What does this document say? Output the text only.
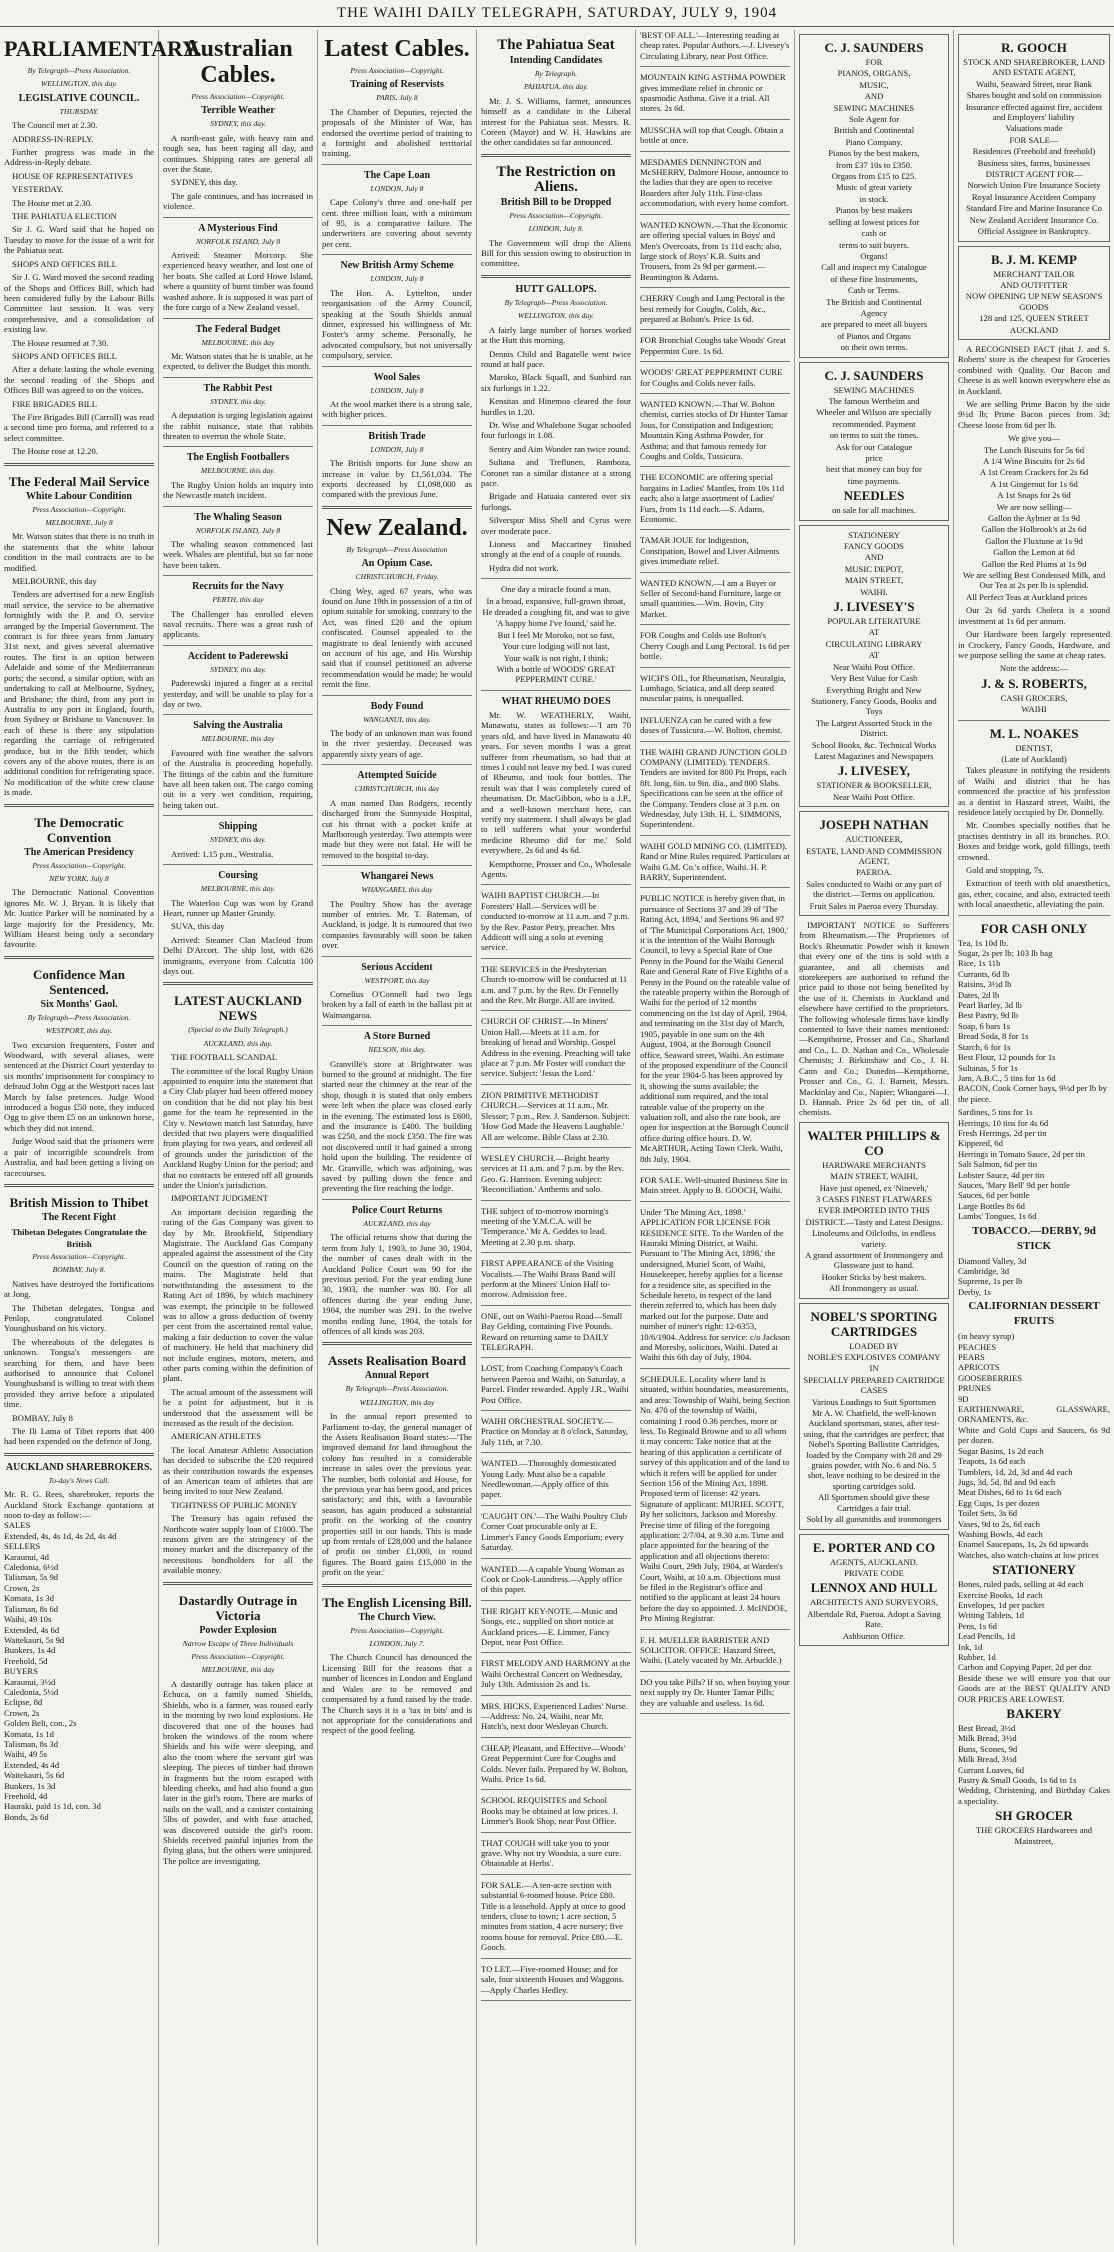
THE WAIHI DAILY TELEGRAPH, SATURDAY, JULY 9, 1904
PARLIAMENTARY.
By Telegraph—Press Association.
WELLINGTON, this day.
LEGISLATIVE COUNCIL.
THURSDAY.

The Council met at 2.30.

ADDRESS-IN-REPLY.

Further progress was made in the Address-in-Reply debate.

HOUSE OF REPRESENTATIVES

YESTERDAY.

The House met at 2.30.

THE PAHIATUA ELECTION

Sir J. G. Ward said that he hoped on Tuesday to move for the issue of a writ for the Pahiatua seat.

SHOPS AND OFFICES BILL

Sir J. G. Ward moved the second reading of the Shops and Offices Bill, which had been considered fully by the Labour Bills Committee last session. It was very comprehensive, and a consolidation of existing law.

The House resumed at 7.30.

SHOPS AND OFFICES BILL

After a debate lasting the whole evening the second reading of the Shops and Offices Bill was agreed to on the voices.

FIRE BRIGADES BILL

The Fire Brigades Bill (Carroll) was read a second time pro forma, and referred to a select committee.

The House rose at 12.20.

The Federal Mail Service
White Labour Condition
Press Association—Copyright.
MELBOURNE, July 8

Mr. Watson states that there is no truth in the statements that the white labour condition in the mail contracts are to be modified.

MELBOURNE, this day

Tenders are advertised for a new English mail service, the service to be alternative fortnightly with the P. and O. service arranged by the Imperial Government. The contract is for three years from January 31st next, and gives several alternative routes. The first is an option between Adelaide and some of the Mediterranean ports; the second, a similar option, with an undertaking to call at Melbourne, Sydney, and Brisbane; the third, from any port in Australia to any port in England, fourth, from Sydney or Brisbane to Vancouver. In each of these is there any stipulation regarding the carriage of refrigerated produce, but in the fifth tender, which covers any of the above routes, there is an additional condition for refrigerating space. No modification of the white crew clause is made.

The Democratic Convention
The American Presidency
Press Association—Copyright.
NEW YORK, July 8

The Democratic National Convention ignores Mr. W. J. Bryan. It is likely that Mr. Justice Parker will be nominated by a large majority for the Presidency, Mr. William Hearst being only a secondary favourite.

Confidence Man Sentenced.
Six Months' Gaol.
By Telegraph—Press Association.
WESTPORT, this day.

Two excursion frequenters, Foster and Woodward, with several aliases, were sentenced at the District Court yesterday to six months' imprisonment for conspiracy to defraud John Ogg at the Westport races last March by false pretences. Judge Wood introduced a bogus £50 note, they induced Ogg to give them £5 on an unknown horse, which they did not intend.

Judge Wood said that the prisoners were a pair of incorrigible scoundrels from Australia, and had been getting a living on racecourses.

British Mission to Thibet
The Recent Fight
Thibetan Delegates Congratulate the British
Press Association—Copyright.
BOMBAY, July 8.

Natives have destroyed the fortifications at Jong.

The Thibetan delegates, Tongsa and Penlop, congratulated Colonel Younghusband on his victory.

The whereabouts of the delegates is unknown. Tongsa's messengers are searching for them, and have been authorised to announce that Colonel Younghusband is willing to treat with them provided they arrive before a stipulated time.

BOMBAY, July 8

The Ili Lama of Tibet reports that 400 had been expended on the defence of Jong.

AUCKLAND SHAREBROKERS.
To-day's News Call.
Mr. R. G. Rees, sharebroker, reports the Auckland Stock Exchange quotations at noon to-day as follow:—
SALES
Extended, 4s, 4s 1d, 4s 2d, 4s 4d
SELLERS
Karaunui, 4d
Caledonia, 6½d
Talisman, 5s 9d
Crown, 2s
Komata, 1s 3d
Talisman, 8s 6d
Waihi, 49 10s
Extended, 4s 6d
Waitekauri, 5s 9d
Bunkers, 1s 4d
Freehold, 5d
BUYERS
Karaunui, 3½d
Caledonia, 5½d
Eclipse, 8d
Crown, 2s
Golden Belt, con., 2s
Komata, 1s 1d
Talisman, 8s 3d
Waihi, 49 5s
Extended, 4s 4d
Waitekauri, 5s 6d
Bunkers, 1s 3d
Freehold, 4d
Hauraki, paid 1s 1d, con. 3d
Bonds, 2s 6d
Australian Cables.
Press Association—Copyright.
Terrible Weather
SYDNEY, this day.

A north-east gale, with heavy rain and rough sea, has been raging all day, and continues. Shipping rates are general all over the State.

SYDNEY, this day.

The gale continues, and has increased in violence.

A Mysterious Find
NORFOLK ISLAND, July 8

Arrived: Steamer Morcorp. She experienced heavy weather, and lost one of her boats. She called at Lord Howe Island, where a quantity of burnt timber was found washed ashore. It is supposed it was part of the fore cargo of a New Zealand vessel.

The Federal Budget
MELBOURNE, this day

Mr. Watson states that he is unable, as he expected, to deliver the Budget this month.

The Rabbit Pest
SYDNEY, this day.

A deputation is urging legislation against the rabbit nuisance, state that rabbits threaten to overrun the whole State.

The English Footballers
MELBOURNE, this day.

The Rugby Union holds an inquiry into the Newcastle match incident.

The Whaling Season
NORFOLK ISLAND, July 8

The whaling season commenced last week. Whales are plentiful, but so far none have been taken.

Recruits for the Navy
PERTH, this day

The Challenger has enrolled eleven naval recruits. There was a great rush of applicants.

Accident to Paderewski
SYDNEY, this day.

Paderewski injured a finger at a recital yesterday, and will be unable to play for a day or two.

Salving the Australia
MELBOURNE, this day

Favoured with fine weather the salvors of the Australia is proceeding hopefully. The fittings of the cabin and the furniture have all been taken out. The cargo coming out in a very wet condition, requiring, being taken out.

Shipping
SYDNEY, this day.

Arrived: 1.15 p.m., Westralia.

Coursing
MELBOURNE, this day.

The Waterloo Cup was won by Grand Heart, runner up Master Grundy.

SUVA, this day

Arrived: Steamer Clan Macleod from Delhi D'Arcort. The ship lost, with 626 immigrants, everyone from Calcutta 100 days out.

LATEST AUCKLAND NEWS
(Special to the Daily Telegraph.)
AUCKLAND, this day.

THE FOOTBALL SCANDAL

The committee of the local Rugby Union appointed to enquire into the statement that a City Club player had been offered money on condition that he did not play his best game for the team he represented in the City v. Newtown match last Saturday, have decided that two players were disqualified from playing for two years, and ordered all of grounds under the jurisdiction of the Auckland Rugby Union for the period; and that no contracts be entered off all grounds under the Union's jurisdiction.

IMPORTANT JUDGMENT

An important decision regarding the rating of the Gas Company was given to day by Mr. Brookfield, Stipendiary Magistrate. The Auckland Gas Company appealed against the assessment of the City Council on the question of rating on the mains. The Magistrate held that notwithstanding the assessment to the Rating Act of 1896, by which machinery was exempt, the principle to be followed was to allow a gross deduction of twenty per cent from the ascertained rental value, making a fair deduction to cover the value of machinery. He held that machinery did not include engines, motors, meters, and other parts coming within the definition of plant.

The actual amount of the assessment will be a point for adjustment, but it is understood that the assessment will be increased as the result of the decision.

AMERICAN ATHLETES

The local Amateur Athletic Association has decided to subscribe the £20 required as their contribution towards the expenses of an American team of athletes that are being invited to tour New Zealand.

TIGHTNESS OF PUBLIC MONEY

The Treasury has again refused the Northcote water supply loan of £1000. The reasons given are the stringency of the money market and the discrepancy of the necessitous bondholders for all the available money.

Dastardly Outrage in Victoria
Powder Explosion
Narrow Escape of Three Individuals
Press Association—Copyright.
MELBOURNE, this day

A dastardly outrage has taken place at Echuca, on a family named Shields, Shields, who is a farmer, was roused early in the morning by two loud explosions. He discovered that one of the houses had broken the windows of the room where Shields and his wife were sleeping, and also the room where the servant girl was sleeping. The pieces of timber had thrown in fragments but the room escaped with bleeding cheeks, and had also found a gun later in the girl's room. There are marks of nails on the wall, and a canister containing 5lbs of powder, and with fuse attached, was discovered outside the girl's room. Shields received painful injuries from the flying glass, but the others were uninjured. The police are investigating.

Latest Cables.
Press Association—Copyright.
Training of Reservists
PARIS, July 8

The Chamber of Deputies, rejected the proposals of the Minister of War, has endorsed the overtime period of training to a fortnight and abolished territorial training.

The Cape Loan
LONDON, July 8

Cape Colony's three and one-half per cent. three million loan, with a minimum of 95, is a comparative failure. The underwriters are covering about seventy per cent.

New British Army Scheme
LONDON, July 8

The Hon. A. Lyttelton, under reorganisation of the Army Council, speaking at the South Shields annual dinner, expressed his willingness of Mr. Foster's army scheme. Personally, he advocated compulsory, but not universally compulsory, service.

Wool Sales
LONDON, July 8

At the wool market there is a strong sale, with higher prices.

British Trade
LONDON, July 8

The British imports for June show an increase in value by £1,561,034. The exports decreased by £1,098,000 as compared with the previous June.

New Zealand.
By Telegraph—Press Association
An Opium Case.
CHRISTCHURCH, Friday.

Ching Wey, aged 67 years, who was found on June 19th in possession of a tin of opium suitable for smoking, contrary to the Act, was fined £20 and the opium confiscated. Counsel appealed to the magistrate to deal leniently with accused on account of his age, and His Worship said that if counsel petitioned an adverse recommendation would be made; he would remit the fine.

Body Found
WANGANUI, this day.

The body of an unknown man was found in the river yesterday. Deceased was apparently sixty years of age.

Attempted Suicide
CHRISTCHURCH, this day

A man named Dan Rodgers, recently discharged from the Sunnyside Hospital, cut his throat with a pocket knife at Marlborough yesterday. Two attempts were made but they were not fatal. He will be removed to the hospital to-day.

Whangarei News
WHANGAREI, this day

The Poultry Show has the average number of entries. Mr. T. Bateman, of Auckland, is judge. It is rumoured that two companies favourably will soon be taken over.

Serious Accident
WESTPORT, this day

Cornelius O'Connell had two legs broken by a fall of earth in the ballast pit at Waimangaroa.

A Store Burned
NELSON, this day.

Granville's store at Brightwater was burned to the ground at midnight. The fire started near the chimney at the rear of the shop, though it is stated that only embers were left when the place was closed early in the evening. The estimated loss is £600, and the insurance is £400. The building was £250, and the stock £350. The fire was not discovered until it had gained a strong hold upon the building. The residence of Mr. Granville, which was adjoining, was saved by pulling down the fence and preventing the fire reaching the lodge.

Police Court Returns
AUCKLAND, this day

The official returns show that during the term from July 1, 1903, to June 30, 1904, the number of cases dealt with in the Auckland Police Court was 90 for the previous period. For the year ending June 30, 1903, the number was 80. For all offences during the year ending June, 1904, the number was 291. In the twelve months ending June, 1904, the totals for offences of all kinds was 203.

Assets Realisation Board
Annual Report
By Telegraph—Press Association.
WELLINGTON, this day

In the annual report presented to Parliament to-day, the general manager of the Assets Realisation Board states:—'The improved demand for land throughout the colony has resulted in a considerable increase in sales over the previous year. The number, both colonial and House, for the previous year has been good, and prices satisfactory; and this, with a favourable season, has again produced a substantial profit on the working of the country properties still in our hands. This is made up from rentals of £28,000 and the balance of profit on timber £1,000, in round figures. The Board gains £15,000 in the profit on the year.'

The English Licensing Bill.
The Church View.
Press Association—Copyright.
LONDON, July 7.

The Church Council has denounced the Licensing Bill for the reasons that a number of licences in London and England and Wales are to be removed and compensated by a fund raised by the trade. The Church says it is a 'tax in bits' and is not appropriate for the considerations and respect of the good feeling.

The Pahiatua Seat
Intending Candidates
By Telegraph.
PAHIATUA, this day.

Mr. J. S. Williams, farmer, announces himself as a candidate in the Liberal interest for the Pahiatua seat. Messrs. R. Coreen (Mayor) and W. H. Hawkins are the other candidates so far announced.

The Restriction on Aliens.
British Bill to be Dropped
Press Association—Copyright.
LONDON, July 8.

The Government will drop the Aliens Bill for this session owing to obstruction in committee.

HUTT GALLOPS.
By Telegraph—Press Association.
WELLINGTON, this day.

A fairly large number of horses worked at the Hutt this morning.

Dennis Child and Bagatelle went twice round at half pace.

Maroko, Black Squall, and Sunbird ran six furlongs in 1.22.

Kensitas and Hinemoa cleared the four hurdles in 1.20.

Dr. Wise and Whalebone Sugar schooled four furlongs in 1.08.

Sentry and Aim Wonder ran twice round.

Sultana and Treflunen, Ramboza, Coronet ran a similar distance at a strong pace.

Brigade and Hatuaia cantered over six furlongs.

Silverspur Miss Shell and Cyrus were over moderate pace.

Lioness and Maccartney finished strongly at the end of a couple of rounds.

Hydra did not work.

One day a miracle found a man,
In a broad, expansive, full-grown throat,
He dreaded a coughing fit, and was to give
'A happy home I've found,' said he.
But I feel Mr Moroko, not so fast,
Your cure lodging will not last,
Your walk is not right, I think;
With a bottle of WOODS' GREAT PEPPERMINT CURE.'
WHAT RHEUMO DOES

Mr. W. WEATHERLY, Waihi, Manawatu, states as follows:—'I am 70 years old, and have lived in Manawatu 40 years. For seven months I was a great sufferer from rheumatism, so bad that at times I could not leave my bed. I was cured of Rheumo, and took four bottles. The result was that I was completely cured of rheumatism. Dr. MacGibbon, who is a J.P., and a well-known merchant here, can verify my statement. I shall always be glad to tell sufferers what your wonderful medicine Rheumo did for me.' Sold everywhere, 2s 6d and 4s 6d.

Kempthorne, Prosser and Co., Wholesale Agents.

WAIHI BAPTIST CHURCH.—In Foresters' Hall.—Services will be conducted to-morrow at 11 a.m. and 7 p.m. by the Rev. Pastor Petry, preacher. Mrs Addicott will sing a solo at evening service.
THE SERVICES in the Presbyterian Church to-morrow will be conducted at 11 a.m. and 7 p.m. by the Rev. Dr Fennelly and the Rev. Mr Burge. All are invited.
CHURCH OF CHRIST.—In Miners' Union Hall.—Meets at 11 a.m. for breaking of bread and Worship. Gospel Address in the evening. Preaching will take place at 7 p.m. Mr Foster will conduct the service. Subject: 'Jesus the Lord.'
ZION PRIMITIVE METHODIST CHURCH.—Services at 11 a.m., Mr. Slessor; 7 p.m., Rev. J. Sanderson. Subject: 'How God Made the Heavens Laughable.' All are welcome. Bible Class at 2.30.
WESLEY CHURCH.—Bright hearty services at 11 a.m. and 7 p.m. by the Rev. Geo. G. Harrison. Evening subject: 'Reconciliation.' Anthems and solo.
THE subject of to-morrow morning's meeting of the Y.M.C.A. will be 'Temperance.' Mr A. Geddes to lead. Meeting at 2.30 p.m. sharp.
FIRST APPEARANCE of the Visiting Vocalists.—The Waihi Brass Band will perform at the Miners' Union Hall to-morrow. Admission free.
ONE, out on Waihi-Paeroa Road—Small Bay Gelding, containing Five Pounds. Reward on returning same to DAILY TELEGRAPH.
LOST, from Coaching Company's Coach between Paeroa and Waihi, on Saturday, a Parcel. Finder rewarded. Apply J.R., Waihi Post Office.
WAIHI ORCHESTRAL SOCIETY.—Practice on Monday at 8 o'clock, Saturday, July 11th, at 7.30.
WANTED.—Thoroughly domesticated Young Lady. Must also be a capable Needlewoman.—Apply office of this paper.
'CAUGHT ON.'—The Waihi Poultry Club Corner Coat procurable only at E. Limmer's Fancy Goods Emporium; every Saturday.
WANTED.—A capable Young Woman as Cook or Cook-Laundress.—Apply office of this paper.
THE RIGHT KEY-NOTE.—Music and Songs, etc., supplied on short notice at Auckland prices.—E. Limmer, Fancy Depot, near Post Office.
FIRST MELODY AND HARMONY at the Waihi Orchestral Concert on Wednesday, July 13th. Admission 2s and 1s.
MRS. HICKS, Experienced Ladies' Nurse.—Address: No. 24, Waihi, near Mr. Hatch's, next door Wesleyan Church.
CHEAP, Pleasant, and Effective—Woods' Great Peppermint Cure for Coughs and Colds. Never fails. Prepared by W. Bolton, Waihi. Price 1s 6d.
SCHOOL REQUISITES and School Books may be obtained at low prices. J. Limmer's Book Shop, near Post Office.
THAT COUGH will take you to your grave. Why not try Woodsia, a sure cure. Obtainable at Herbs'.
FOR SALE.—A ten-acre section with substantial 6-roomed house. Price £80. Title is a leasehold. Apply at once to good tenders, close to town; 1 acre section, 5 minutes from station, 4 acre nursery; five rooms house for removal. Price £80.—E. Gooch.
TO LET.—Five-roomed House; and for sale, four sixteenth Houses and Waggons.—Apply Charles Hedley.
'BEST OF ALL.'—Interesting reading at cheap rates. Popular Authors.—J. Livesey's Circulating Library, near Post Office.
MOUNTAIN KING ASTHMA POWDER gives immediate relief in chronic or spasmodic Asthma. Give it a trial. All stores. 2s 6d.
MUSSCHA will top that Cough. Obtain a bottle at once.
MESDAMES DENNINGTON and McSHERRY, Dalmore House, announce to the ladies that they are open to receive Boarders after July 11th. First-class accommodation, with every home comfort.
WANTED KNOWN.—That the Economic are offering special values in Boys' and Men's Overcoats, from 1s 11d each; also, large stock of Boys' K.B. Suits and Trousers, from 2s 9d per garment.—Beamington & Adams.
CHERRY Cough and Lung Pectoral is the best remedy for Coughs, Colds, &c., prepared at Bolton's. Price 1s 6d.
FOR Bronchial Coughs take Woods' Great Peppermint Cure. 1s 6d.
WOODS' GREAT PEPPERMINT CURE for Coughs and Colds never fails.
WANTED KNOWN.—That W. Bolton chemist, carries stocks of Dr Hunter Tamar Jous, for Constipation and Indigestion; Mountain King Asthma Powder, for Asthma; and that famous remedy for Coughs and Colds, Tussicura.
THE ECONOMIC are offering special bargains in Ladies' Mantles, from 10s 11d each; also a large assortment of Ladies' Furs, from 1s 11d each.—S. Adams, Economic.
TAMAR JOUE for Indigestion, Constipation, Bowel and Liver Ailments gives immediate relief.
WANTED KNOWN.—I am a Buyer or Seller of Second-hand Furniture, large or small quantities.—Wm. Bovin, City Market.
FOR Coughs and Colds use Bolton's Cherry Cough and Lung Pectoral. 1s 6d per bottle.
WICH'S OIL, for Rheumatism, Neuralgia, Lumbago, Sciatica, and all deep seated muscular pains, is unequalled.
INFLUENZA can be cured with a few doses of Tussicura.—W. Bolton, chemist.
THE WAIHI GRAND JUNCTION GOLD COMPANY (LIMITED). TENDERS. Tenders are invited for 800 Pit Props, each 8ft. long, 6in. to 9in. dia., and 800 Slabs. Specifications can be seen at the office of the Company. Tenders close at 3 p.m. on Wednesday, July 13th. H. L. SIMMONS, Superintendent.
WAIHI GOLD MINING CO. (LIMITED). Rand or Mine Rules required. Particulars at Waihi G.M. Co.'s office, Waihi. H. P. BARRY, Superintendent.
PUBLIC NOTICE is hereby given that, in pursuance of Sections 37 and 39 of 'The Rating Act, 1894,' and Sections 96 and 97 of 'The Municipal Corporations Act, 1900,' it is the intention of the Waihi Borough Council, to levy a Special Rate of One Penny in the Pound for the Waihi General Rate and General Rate of Five Eighths of a Penny in the Pound on the rateable value of the rateable property within the Borough of Waihi for the period of 12 months commencing on the 1st day of April, 1904, and terminating on the 31st day of March, 1905, payable in one sum on the 4th August, 1904, at the Borough Council office, Seaward street, Waihi. An estimate of the proposed expenditure of the Council for the year 1904-5 has been approved by it, showing the sums available; the additional sum required, and the total rateable value of the property on the valuation roll, and also the rate book, are open for inspection at the Borough Council office during office hours. D. W. McARTHUR, Acting Town Clerk. Waihi, 8th July, 1904.
FOR SALE. Well-situated Business Site in Main street. Apply to B. GOOCH, Waihi.
Under 'The Mining Act, 1898.' APPLICATION FOR LICENSE FOR RESIDENCE SITE. To the Warden of the Hauraki Mining District, at Waihi. Pursuant to 'The Mining Act, 1898,' the undersigned, Muriel Scott, of Waihi, Housekeeper, hereby applies for a license for a residence site, as specified in the Schedule hereto, in respect of the land therein referred to, which has been duly marked out for the purpose. Date and number of miner's right: 12-6353, 10/6/1904. Address for service: c/o Jackson and Moresby, solicitors, Waihi. Dated at Waihi this 6th day of July, 1904.
SCHEDULE. Locality where land is situated, within boundaries, measurements, and area: Township of Waihi, being Section No. 470 of the township of Waihi, containing 1 rood 0.36 perches, more or less. To Reginald Browne and to all whom it may concern: Take notice that at the hearing of this application a certificate of survey of this application and of the land to which it refers will be applied for under Section 156 of the Mining Act, 1898. Proposed term of license: 42 years. Signature of applicant: MURIEL SCOTT, By her solicitors, Jackson and Moresby. Precise time of filing of the foregoing application: 2/7/04, at 9.30 a.m. Time and place appointed for the hearing of the application and all objections thereto: Waihi Court, 29th July, 1904, at Warden's Court, Waihi, at 10 a.m. Objections must be filed in the Registrar's office and notified to the applicant at least 24 hours before the day so appointed. J. McINDOE, Pro Mining Registrar.
F. H. MUELLER BARRISTER AND SOLICITOR. OFFICE: Haszard Street, Waihi. (Lately vacated by Mr. Arbuckle.)
DO you take Pills? If so, when buying your next supply try Dr. Hunter Tamar Pills; they are valuable and useless. 1s 6d.
C. J. SAUNDERS
FOR
PIANOS, ORGANS,
MUSIC,
AND
SEWING MACHINES
Sole Agent for
British and Continental
Piano Company.
Pianos by the best makers,
from £37 10s to £350.
Organs from £15 to £25.
Music of great variety
in stock.
Pianos by best makers
selling at lowest prices for
cash or
terms to suit buyers.
Organs!
Call and inspect my Catalogue
of these fine Instruments,
Cash or Terms.
The British and Continental
Agency
are prepared to meet all buyers
of Pianos and Organs
on their own terms.
C. J. SAUNDERS
SEWING MACHINES
The famous Wertheim and
Wheeler and Wilson are specially
recommended. Payment
on terms to suit the times.
Ask for our Catalogue
price
best that money can buy for
time payments.
NEEDLES
on sale for all machines.
STATIONERY
FANCY GOODS
AND
MUSIC DEPOT,
MAIN STREET,
WAIHI.
J. LIVESEY'S
POPULAR LITERATURE
AT
CIRCULATING LIBRARY
AT
Near Waihi Post Office.
Very Best Value for Cash
Everything Bright and New
Stationery, Fancy Goods, Books and Toys
The Largest Assorted Stock in the District.
School Books, &c. Technical Works
Latest Magazines and Newspapers
J. LIVESEY,
STATIONER & BOOKSELLER,
Near Waihi Post Office.
JOSEPH NATHAN
AUCTIONEER,
ESTATE, LAND AND COMMISSION AGENT,
PAEROA.
Sales conducted to Waihi or any part of the district.—Terms on application.
Fruit Sales in Paeroa every Thursday.

IMPORTANT NOTICE to Sufferers from Rheumatism.—The Proprietors of Bock's Rheumatic Powder wish it known that every one of the tins is sold with a guarantee, and all chemists and storekeepers are authorised to refund the price paid to those not being benefited by the use of it. Chemists in Auckland and elsewhere have certified to the proprietors. The following wholesale firms have kindly consented to have their names mentioned:—Kempthorne, Prosser and Co., Sharland and Co., L. D. Nathan and Co., Wholesale Chemists; J. Birkinshaw and Co., J. H. Cann and Co.; Dunedin—Kempthorne, Prosser and Co., G. J. Barnett, Messrs. Mackinlay and Co., Napier; Whangarei—J. D. Hannah. Price 2s 6d per tin, of all chemists.

WALTER PHILLIPS & CO
HARDWARE MERCHANTS
MAIN STREET, WAIHI,
Have just opened, ex 'Nineveh,'
3 CASES FINEST FLATWARES
EVER IMPORTED INTO THIS
DISTRICT.—Tasty and Latest Designs.
Linoleums and Oilcloths, in endless variety.
A grand assortment of Ironmongery and Glassware just to hand.
Hooker Sticks by best makers.
All Ironmongery as usual.
NOBEL'S SPORTING CARTRIDGES
LOADED BY
NOBLE'S EXPLOSIVES COMPANY
IN
SPECIALLY PREPARED CARTRIDGE CASES
Various Loadings to Suit Sportsmen
Mr A. W. Chatfield, the well-known Auckland sportsman, states, after test-using, that the cartridges are perfect; that Nobel's Sporting Ballistite Cartridges, loaded by the Company with 28 and 29 grains powder, with No. 6 and No. 5 shot, leave nothing to be desired in the sporting cartridges sold.
All Sportsmen should give these Cartridges a fair trial.
Sold by all gunsmiths and ironmongers
E. PORTER AND CO
AGENTS, AUCKLAND.
PRIVATE CODE
LENNOX AND HULL
ARCHITECTS AND SURVEYORS,
Albertdale Rd, Paeroa. Adopt a Saving Rate.
Ashburton Office.
R. GOOCH
STOCK AND SHAREBROKER, LAND AND ESTATE AGENT,
Waihi, Seaward Street, near Bank
Shares bought and sold on commission
Insurance effected against fire, accident and Employers' liability
Valuations made
FOR SALE—
Residences (Freehold and freehold)
Business sites, farms, businesses
DISTRICT AGENT FOR—
Norwich Union Fire Insurance Society
Royal Insurance Accident Company
Standard Fire and Marine Insurance Co
New Zealand Accident Insurance Co.
Official Assignee in Bankruptcy.
B. J. M. KEMP
MERCHANT TAILOR
AND OUTFITTER
NOW OPENING UP NEW SEASON'S GOODS
128 and 125, QUEEN STREET
AUCKLAND

A RECOGNISED FACT (that J. and S. Roberts' store is the cheapest for Groceries combined with Quality. Our Bacon and Cheese is as well known everywhere else as in Auckland.

We are selling Prime Bacon by the side 9½d lb; Prime Bacon pieces from 3d; Cheese loose from 6d per lb.

We give you—
The Lunch Biscuits for 5s 6d
A 1/4 Wine Biscuits for 2s 6d
A 1st Cream Crackers for 2s 6d
A 1st Gingernut for 1s 6d
A 1st Snaps for 2s 6d
We are now selling—
Gallon the Aylmer at 1s 9d
Gallon the Holbrook's at 2s 6d
Gallon the Fluxtune at 1s 9d
Gallon the Lemon at 6d
Gallon the Red Plums at 1s 9d
We are selling Best Condensed Milk, and Our Tea at 2s per lb is splendid.

All Perfect Teas at Auckland prices

Our 2s 6d yards Cholera is a sound investment at 1s 6d per annum.

Our Hardware been largely represented in Crockery, Fancy Goods, Hardware, and we purpose selling the same at cheap rates.

Note the address:—
J. & S. ROBERTS,
CASH GROCERS,
WAIHI
M. L. NOAKES
DENTIST,
(Late of Auckland)

Takes pleasure in notifying the residents of Waihi and district that he has commenced the practice of his profession as a dentist in Haszard street, Waihi, the residence lately occupied by Dr. Donnelly.

Mr. Coombes specially notifies that he practises dentistry in all its branches. P.O. Boxes and bridge work, gold fillings, teeth crowned.

Gold and stopping, 7s.

Extraction of teeth with old anaesthetics, gas, ether, cocaine, and also, extracted teeth with local anaesthetic, alleviating the pain.

FOR CASH ONLY
Tea, 1s 10d lb.
Sugar, 2s per lb; 103 lb bag
Rice, 1s 11b
Currants, 6d lb
Raisins, 3½d lb
Dates, 2d lb
Pearl Barley, 3d lb
Best Pastry, 9d lb
Soap, 6 bars 1s
Bread Soda, 8 for 1s
Starch, 6 for 1s
Best Flour, 12 pounds for 1s
Sultanas, 5 for 1s
Jam, A.B.C., 5 tins for 1s 6d

BACON, Cook Corner bays, 9½d per lb by the piece.

Sardines, 5 tins for 1s
Herrings, 10 tins for 4s 6d
Fresh Herrings, 2d per tin
Kippered, 6d
Herrings in Tomato Sauce, 2d per tin
Salt Salmon, 6d per tin
Lobster Sauce, 4d per tin
Sauces, 'Mary Bell' 9d per bottle
Sauces, 6d per bottle
Large Bottles 8s 6d
Lambs' Tongues, 1s 6d
TOBACCO.—DERBY, 9d STICK
Diamond Valley, 3d
Cambridge, 3d
Supreme, 1s per lb
Derby, 1s
CALIFORNIAN DESSERT FRUITS
(in heavy syrup)
PEACHES
PEARS
APRICOTS
GOOSEBERRIES
PRUNES
9D
EARTHENWARE, GLASSWARE, ORNAMENTS, &c.
White and Gold Cups and Saucers, 6s 9d per dozen.
Sugar Basins, 1s 2d each
Teapots, 1s 6d each
Tumblers, 1d, 2d, 3d and 4d each
Jugs, 3d, 5d, 8d and 9d each
Meat Dishes, 6d to 1s 6d each
Egg Cups, 1s per dozen
Toilet Sets, 3s 6d
Vases, 9d to 2s, 6d each
Washing Bowls, 4d each
Enamel Saucepans, 1s, 2s 6d upwards
Watches, also watch-chains at low prices
STATIONERY
Bones, ruled pads, selling at 4d each
Exercise Books, 1d each
Envelopes, 1d per packet
Writing Tablets, 1d
Pens, 1s 6d
Lead Pencils, 1d
Ink, 1d
Rubber, 1d
Carbon and Copying Paper, 2d per doz
Beside these we will ensure you that our Goods are at the BEST QUALITY AND OUR PRICES ARE LOWEST.
BAKERY
Best Bread, 3½d
Milk Bread, 3½d
Buns, Scones, 9d
Milk Bread, 3½d
Currant Loaves, 6d
Pastry & Small Goods, 1s 6d to 1s
Wedding, Christening, and Birthday Cakes a speciality.
SH GROCER
THE GROCERS Hardwarees and Mainstreet,
